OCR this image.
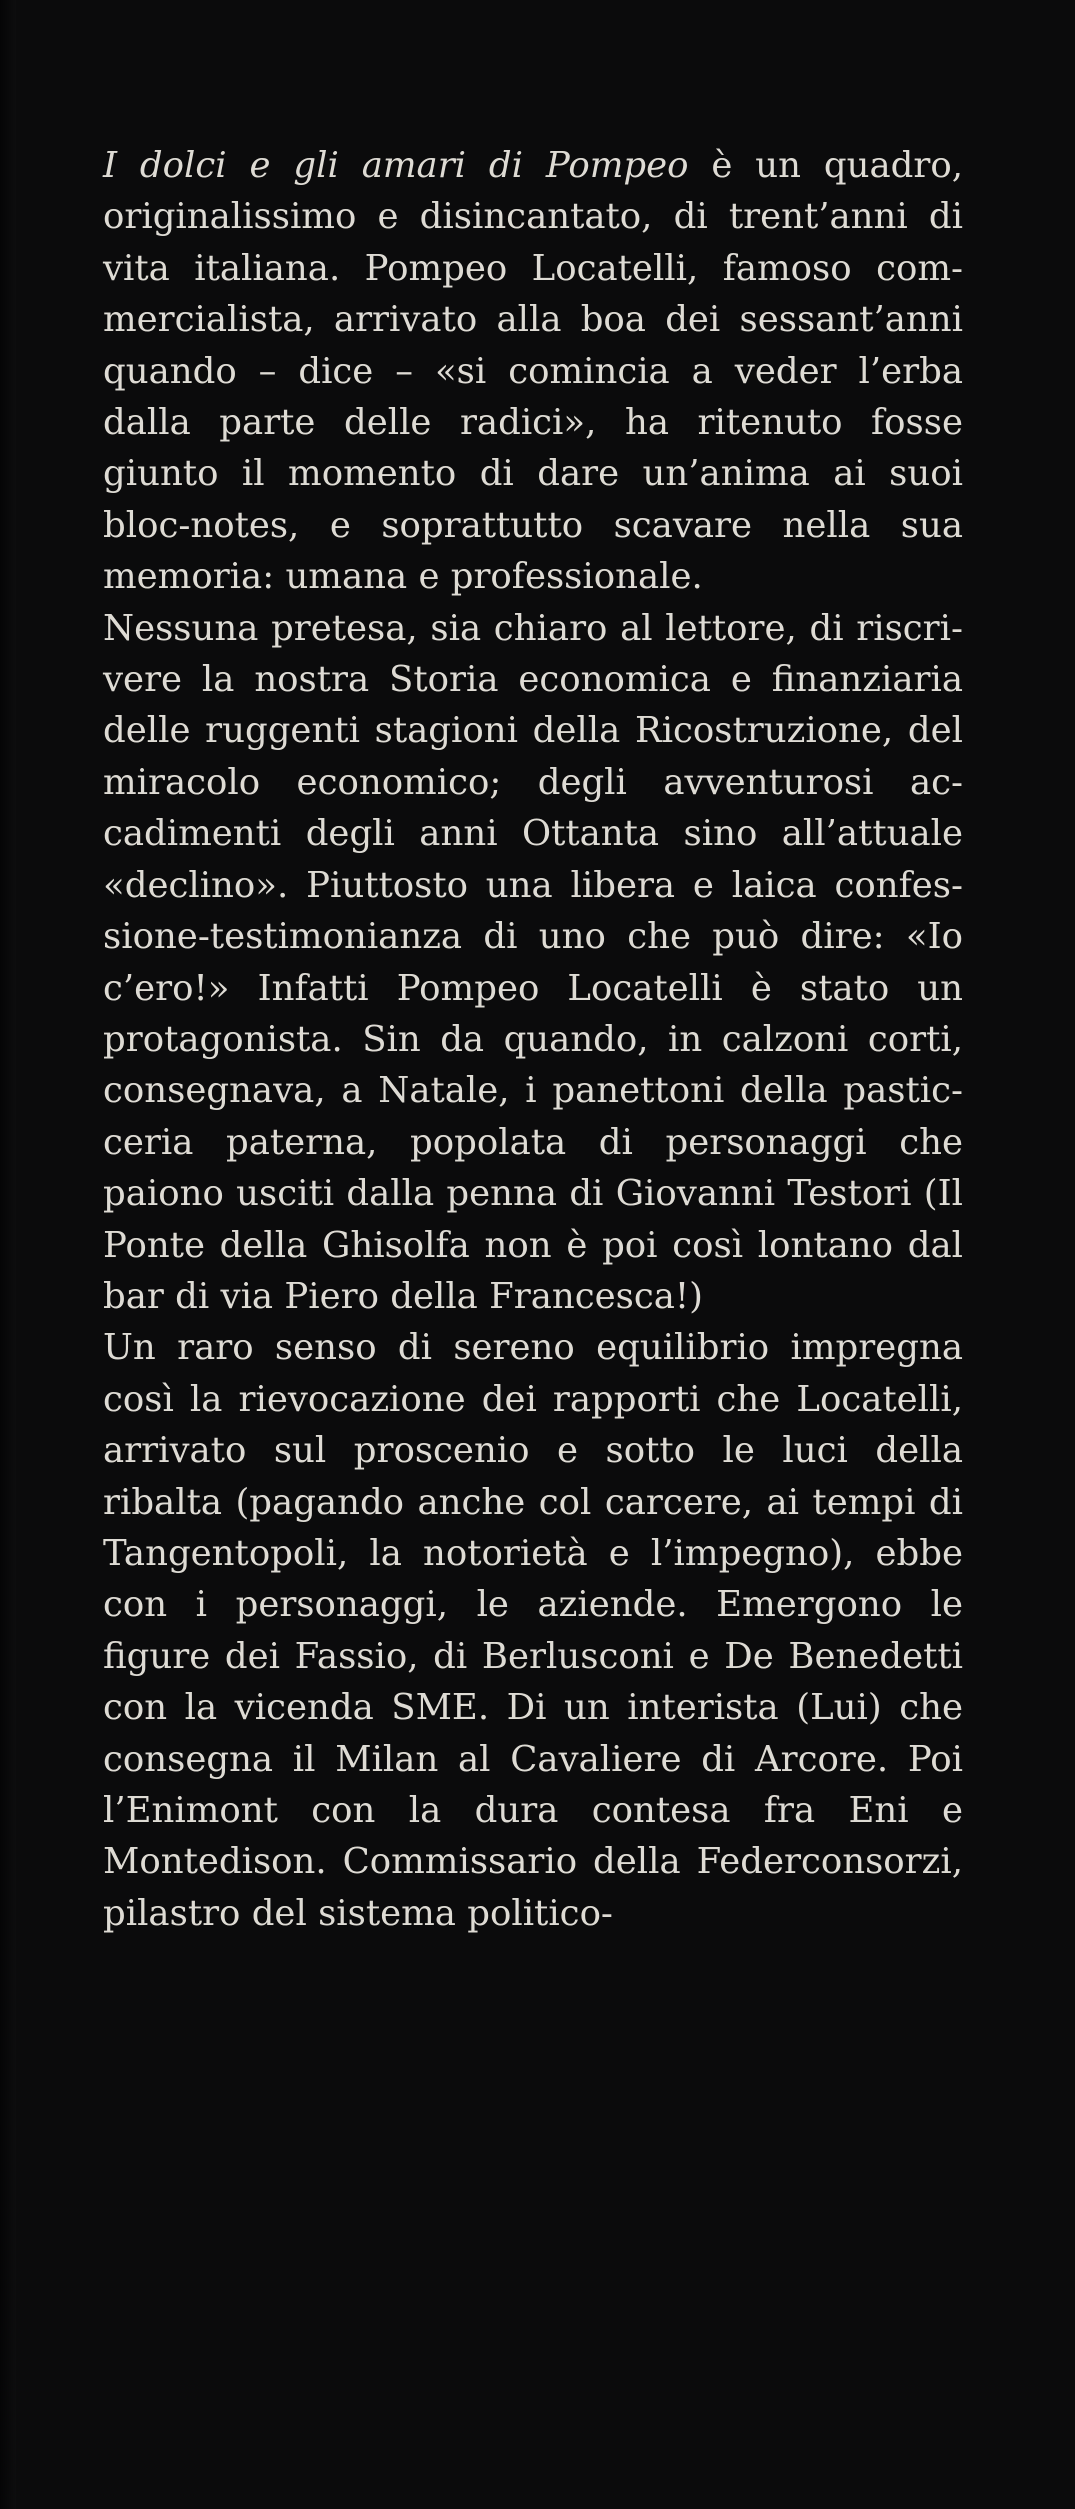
I dolci e gli amari di Pompeo è un quadro, originalissimo e disincantato, di trent’anni di vita italiana. Pompeo Locatelli, famoso commercialista, arrivato alla boa dei sessant’anni quando – dice – «si comincia a veder l’erba dalla parte delle radici», ha ritenuto fosse giunto il momento di dare un’anima ai suoi bloc-notes, e soprattutto scavare nella sua memoria: umana e professionale.

Nessuna pretesa, sia chiaro al lettore, di riscrivere la nostra Storia economica e finanziaria delle ruggenti stagioni della Ricostruzione, del miracolo economico; degli avventurosi accadimenti degli anni Ottanta sino all’attuale «declino». Piuttosto una libera e laica confessione-testimonianza di uno che può dire: «Io c’ero!» Infatti Pompeo Locatelli è stato un protagonista. Sin da quando, in calzoni corti, consegnava, a Natale, i panettoni della pasticceria paterna, popolata di personaggi che paiono usciti dalla penna di Giovanni Testori (Il Ponte della Ghisolfa non è poi così lontano dal bar di via Piero della Francesca!)

Un raro senso di sereno equilibrio impregna così la rievocazione dei rapporti che Locatelli, arrivato sul proscenio e sotto le luci della ribalta (pagando anche col carcere, ai tempi di Tangentopoli, la notorietà e l’impegno), ebbe con i personaggi, le aziende. Emergono le figure dei Fassio, di Berlusconi e De Benedetti con la vicenda SME. Di un interista (Lui) che consegna il Milan al Cavaliere di Arcore. Poi l’Enimont con la dura contesa fra Eni e Montedison. Commissario della Federconsorzi, pilastro del sistema politico-
